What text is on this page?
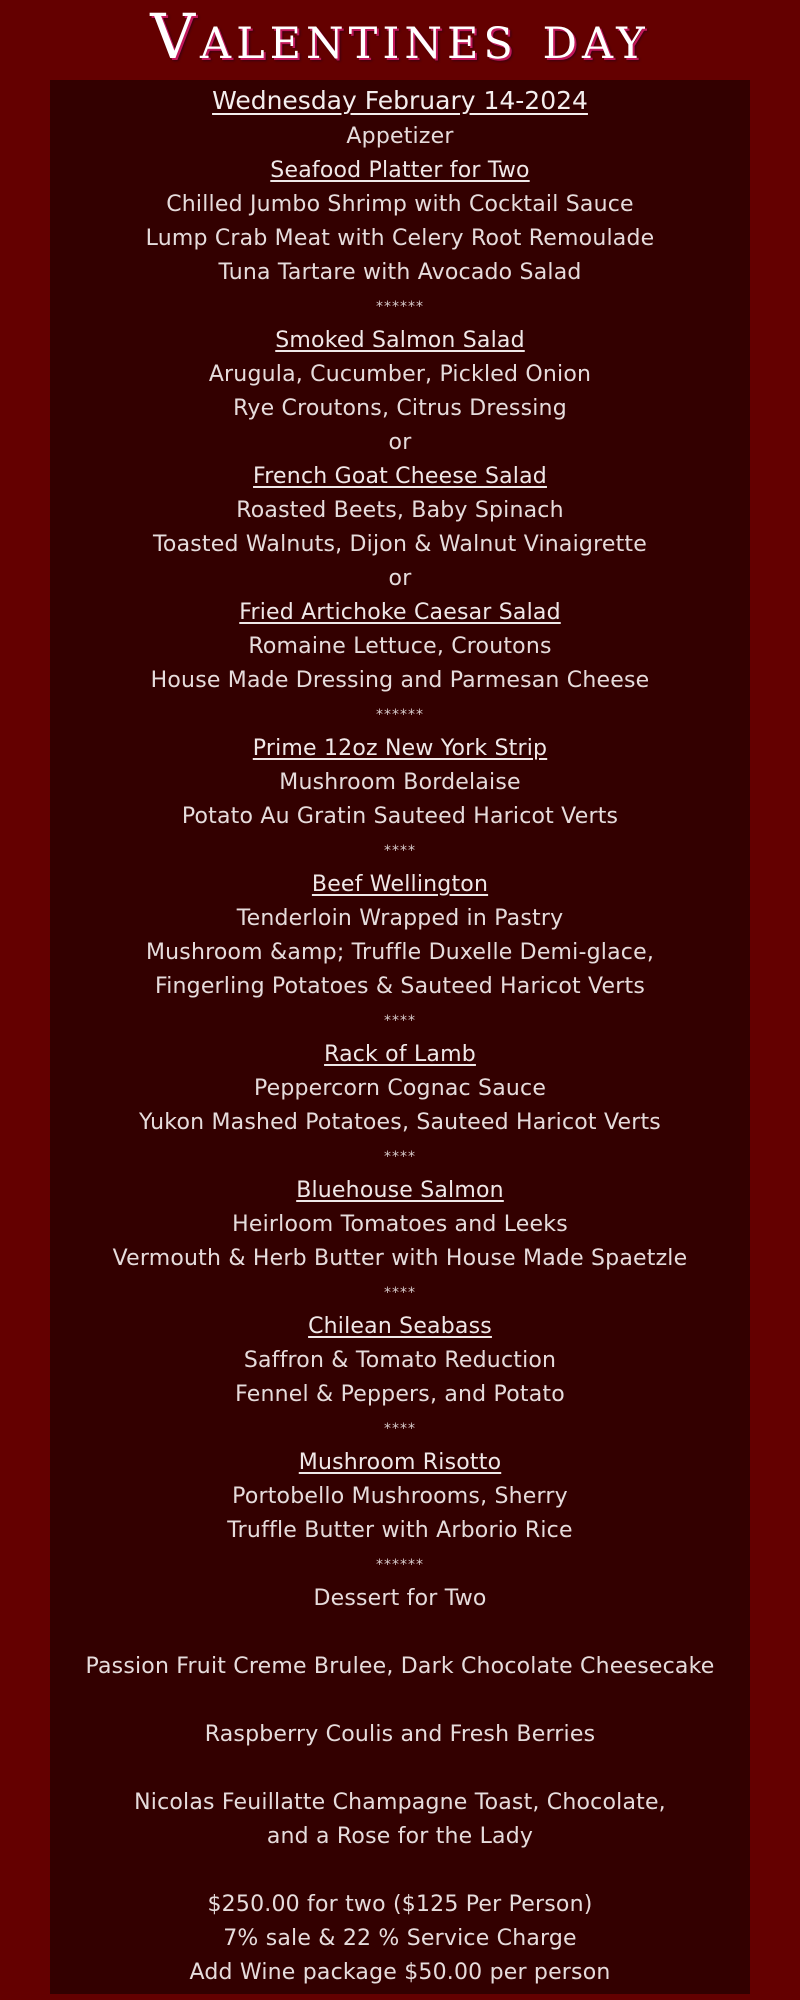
Valentines day
Wednesday February 14-2024
Appetizer
Seafood Platter for Two
Chilled Jumbo Shrimp with Cocktail Sauce
Lump Crab Meat with Celery Root Remoulade
Tuna Tartare with Avocado Salad
******
Smoked Salmon Salad
Arugula, Cucumber, Pickled Onion
Rye Croutons, Citrus Dressing
or
French Goat Cheese Salad
Roasted Beets, Baby Spinach
Toasted Walnuts, Dijon & Walnut Vinaigrette
or
Fried Artichoke Caesar Salad
Romaine Lettuce, Croutons
House Made Dressing and Parmesan Cheese
******
Prime 12oz New York Strip
Mushroom Bordelaise
Potato Au Gratin Sauteed Haricot Verts
****
Beef Wellington
Tenderloin Wrapped in Pastry
Mushroom &amp; Truffle Duxelle Demi-glace,
Fingerling Potatoes & Sauteed Haricot Verts
****
Rack of Lamb
Peppercorn Cognac Sauce
Yukon Mashed Potatoes, Sauteed Haricot Verts
****
Bluehouse Salmon
Heirloom Tomatoes and Leeks
Vermouth & Herb Butter with House Made Spaetzle
****
Chilean Seabass
Saffron & Tomato Reduction
Fennel & Peppers, and Potato
****
Mushroom Risotto
Portobello Mushrooms, Sherry
Truffle Butter with Arborio Rice
******
Dessert for Two
Passion Fruit Creme Brulee, Dark Chocolate Cheesecake
Raspberry Coulis and Fresh Berries
Nicolas Feuillatte Champagne Toast, Chocolate,
and a Rose for the Lady
$250.00 for two ($125 Per Person)
7% sale & 22 % Service Charge
Add Wine package $50.00 per person
